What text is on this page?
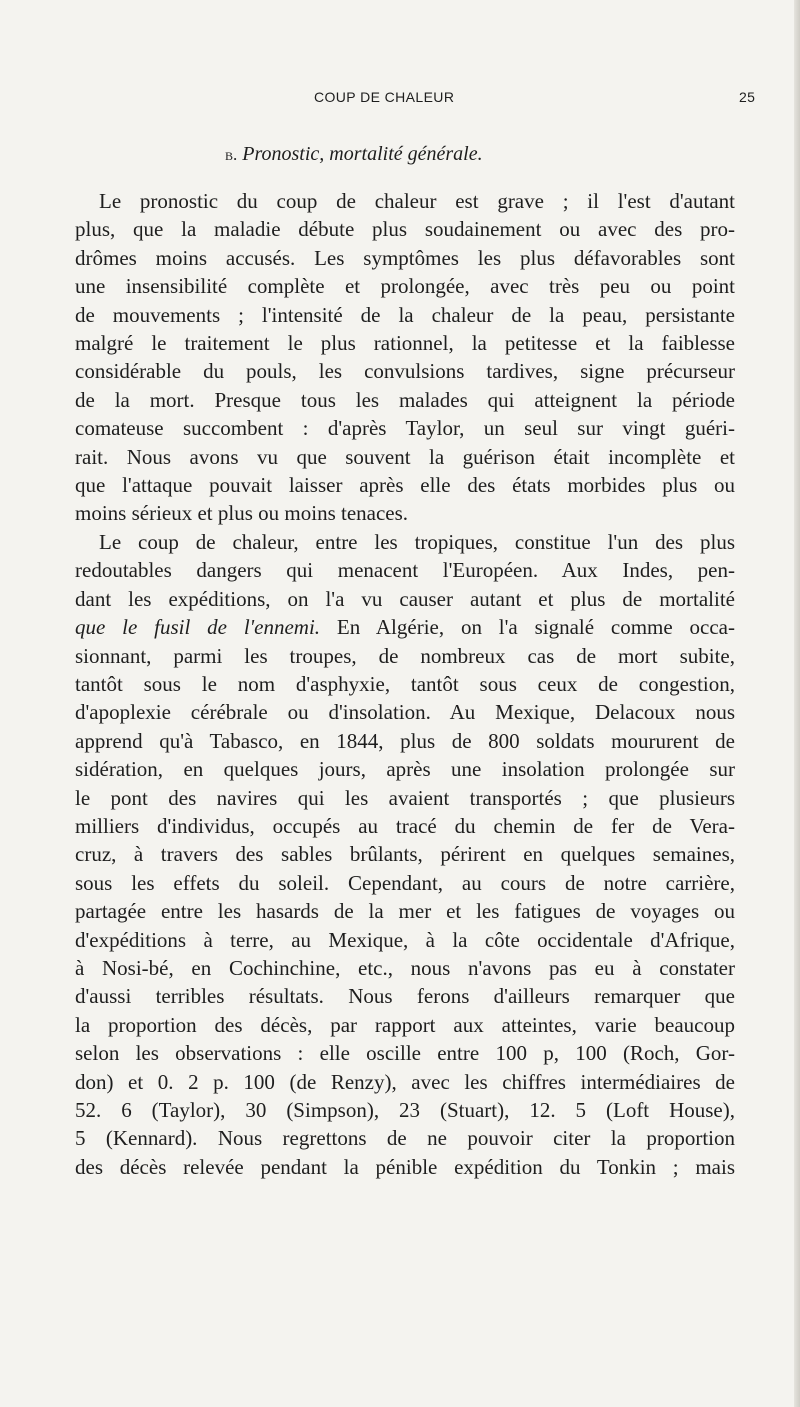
COUP DE CHALEUR	25
b. Pronostic, mortalité générale.
Le pronostic du coup de chaleur est grave ; il l'est d'autant
plus, que la maladie débute plus soudainement ou avec des pro-
drômes moins accusés. Les symptômes les plus défavorables sont
une insensibilité complète et prolongée, avec très peu ou point
de mouvements ; l'intensité de la chaleur de la peau, persistante
malgré le traitement le plus rationnel, la petitesse et la faiblesse
considérable du pouls, les convulsions tardives, signe précurseur
de la mort. Presque tous les malades qui atteignent la période
comateuse succombent : d'après Taylor, un seul sur vingt guéri-
rait. Nous avons vu que souvent la guérison était incomplète et
que l'attaque pouvait laisser après elle des états morbides plus ou
moins sérieux et plus ou moins tenaces.
Le coup de chaleur, entre les tropiques, constitue l'un des plus
redoutables dangers qui menacent l'Européen. Aux Indes, pen-
dant les expéditions, on l'a vu causer autant et plus de mortalité
que le fusil de l'ennemi. En Algérie, on l'a signalé comme occa-
sionnant, parmi les troupes, de nombreux cas de mort subite,
tantôt sous le nom d'asphyxie, tantôt sous ceux de congestion,
d'apoplexie cérébrale ou d'insolation. Au Mexique, Delacoux nous
apprend qu'à Tabasco, en 1844, plus de 800 soldats moururent de
sidération, en quelques jours, après une insolation prolongée sur
le pont des navires qui les avaient transportés ; que plusieurs
milliers d'individus, occupés au tracé du chemin de fer de Vera-
cruz, à travers des sables brûlants, périrent en quelques semaines,
sous les effets du soleil. Cependant, au cours de notre carrière,
partagée entre les hasards de la mer et les fatigues de voyages ou
d'expéditions à terre, au Mexique, à la côte occidentale d'Afrique,
à Nosi-bé, en Cochinchine, etc., nous n'avons pas eu à constater
d'aussi terribles résultats. Nous ferons d'ailleurs remarquer que
la proportion des décès, par rapport aux atteintes, varie beaucoup
selon les observations : elle oscille entre 100 p, 100 (Roch, Gor-
don) et 0. 2 p. 100 (de Renzy), avec les chiffres intermédiaires de
52. 6 (Taylor), 30 (Simpson), 23 (Stuart), 12. 5 (Loft House),
5 (Kennard). Nous regrettons de ne pouvoir citer la proportion
des décès relevée pendant la pénible expédition du Tonkin ; mais
